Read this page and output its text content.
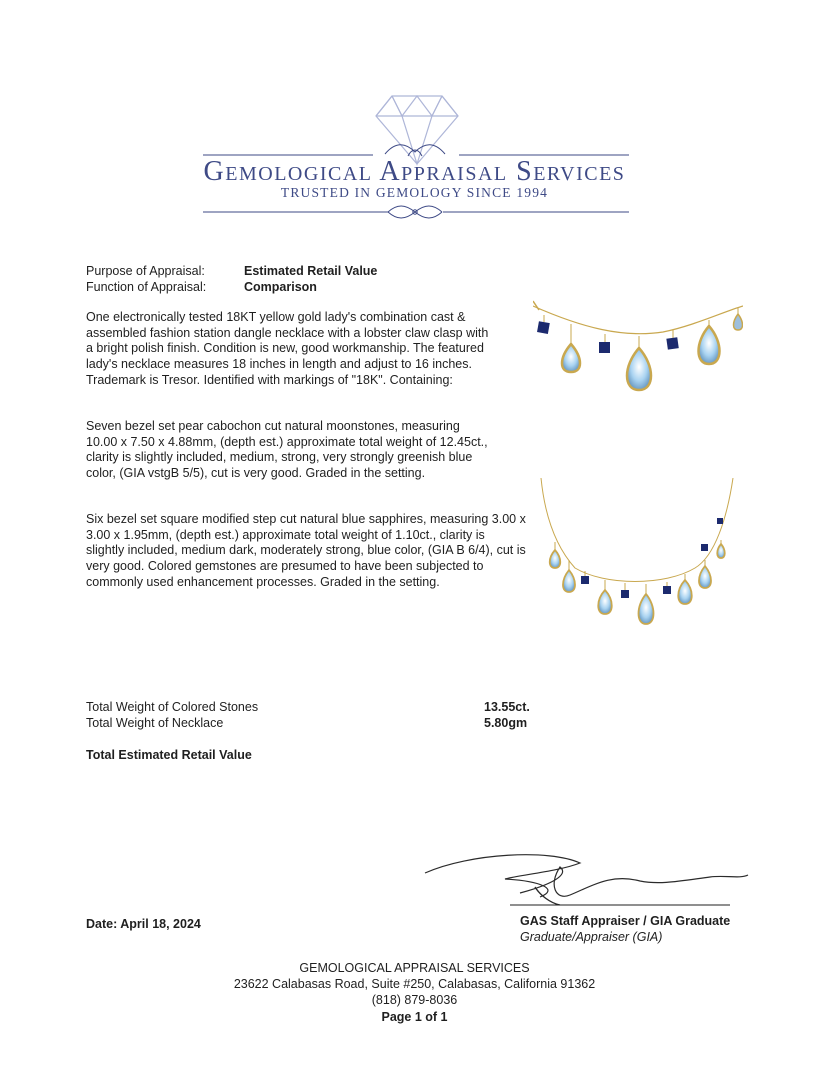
Gemological Appraisal Services
TRUSTED IN GEMOLOGY SINCE 1994
Purpose of Appraisal:	Estimated Retail Value
Function of Appraisal:	Comparison

One electronically tested 18KT yellow gold lady's combination cast & assembled fashion station dangle necklace with a lobster claw clasp with a bright polish finish. Condition is new, good workmanship. The featured lady's necklace measures 18 inches in length and adjust to 16 inches. Trademark is Tresor. Identified with markings of "18K". Containing:

Seven bezel set pear cabochon cut natural moonstones, measuring 10.00 x 7.50 x 4.88mm, (depth est.) approximate total weight of 12.45ct., clarity is slightly included, medium, strong, very strongly greenish blue color, (GIA vstgB 5/5), cut is very good. Graded in the setting.

Six bezel set square modified step cut natural blue sapphires, measuring 3.00 x 3.00 x 1.95mm, (depth est.) approximate total weight of 1.10ct., clarity is slightly included, medium dark, moderately strong, blue color, (GIA B 6/4), cut is very good. Colored gemstones are presumed to have been subjected to commonly used enhancement processes. Graded in the setting.

Total Weight of Colored Stones	13.55ct.
Total Weight of Necklace	5.80gm
Total Estimated Retail Value
Date: April 18, 2024	GAS Staff Appraiser / GIA Graduate
Graduate/Appraiser (GIA)
GEMOLOGICAL APPRAISAL SERVICES
23622 Calabasas Road, Suite #250, Calabasas, California 91362
(818) 879-8036
Page 1 of 1
